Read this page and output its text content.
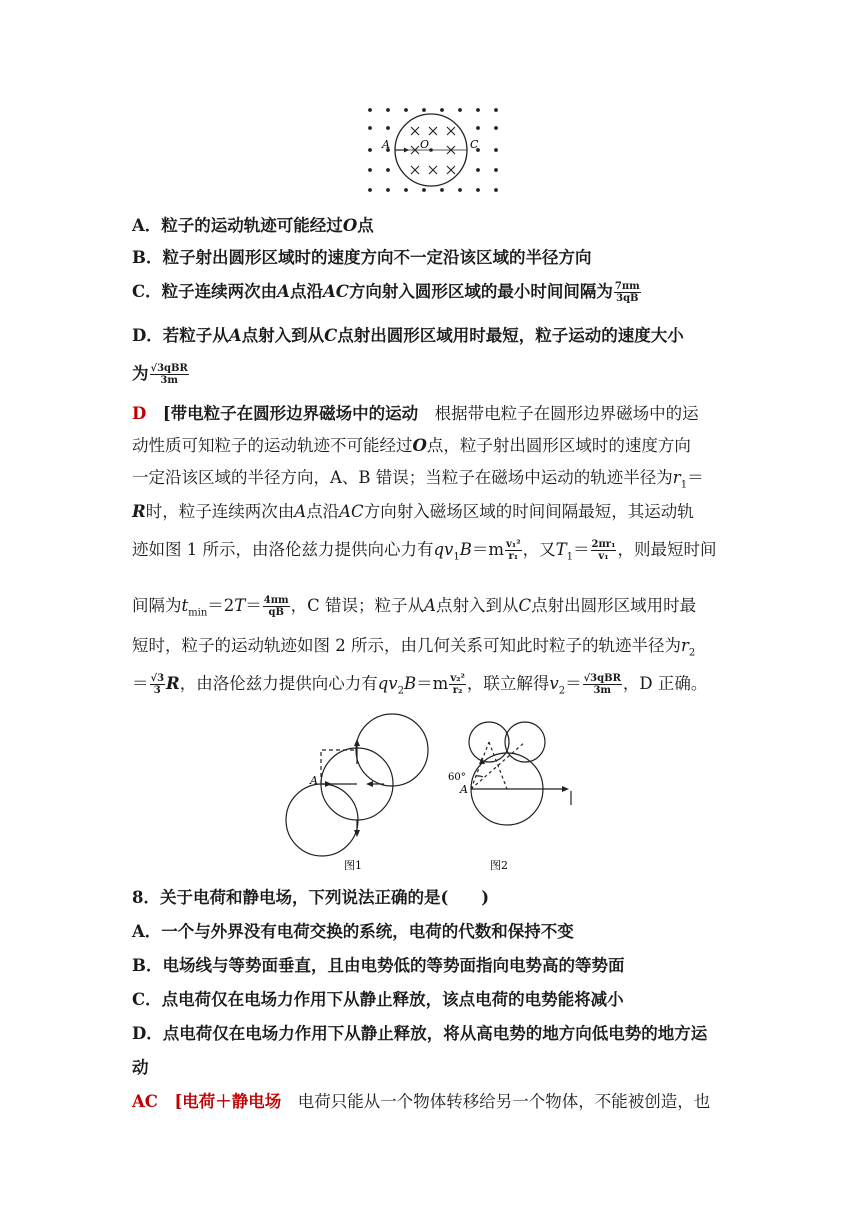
A	O	C
A．粒子的运动轨迹可能经过O点
B．粒子射出圆形区域时的速度方向不一定沿该区域的半径方向
C．粒子连续两次由A点沿AC方向射入圆形区域的最小时间间隔为 $\frac{7\pi m}{3qB}$
D．若粒子从A点射入到从C点射出圆形区域用时最短，粒子运动的速度大小
为 $\frac{\text{√3qBR}}{3m}$
D　 [带电粒子在圆形边界磁场中的运动　 根据带电粒子在圆形边界磁场中的运
动性质可知粒子的运动轨迹不可能经过O点，粒子射出圆形区域时的速度方向
一定沿该区域的半径方向，A、B 错误；当粒子在磁场中运动的轨迹半径为$r_1=$
R时，粒子连续两次由A点沿AC方向射入磁场区域的时间间隔最短，其运动轨
迹如图 1 所示，由洛伦兹力提供向心力有$qv_1B=m \frac{\text{v₁²}}{\text{r₁}}$ ，又$T_1= \frac{\text{2πr₁}}{\text{v₁}}$ ，则最短时间
间隔为$t_{min}=2T= \frac{4\pi m}{qB}$ ，C 错误；粒子从A点射入到从C点射出圆形区域用时最
短时，粒子的运动轨迹如图 2 所示，由几何关系可知此时粒子的轨迹半径为$r_2$
＝ $\frac{√3}{3}$ R，由洛伦兹力提供向心力有$qv_2B=m \frac{\text{v₂²}}{\text{r₂}}$ ，联立解得$v_2= \frac{\text{√3qBR}}{3m}$ ，D 正确。
A
A
60°
图1	图2
8．关于电荷和静电场，下列说法正确的是(　　)
A．一个与外界没有电荷交换的系统，电荷的代数和保持不变
B．电场线与等势面垂直，且由电势低的等势面指向电势高的等势面
C．点电荷仅在电场力作用下从静止释放，该点电荷的电势能将减小
D．点电荷仅在电场力作用下从静止释放，将从高电势的地方向低电势的地方运
动
AC　 [电荷＋静电场　 电荷只能从一个物体转移给另一个物体，不能被创造，也
